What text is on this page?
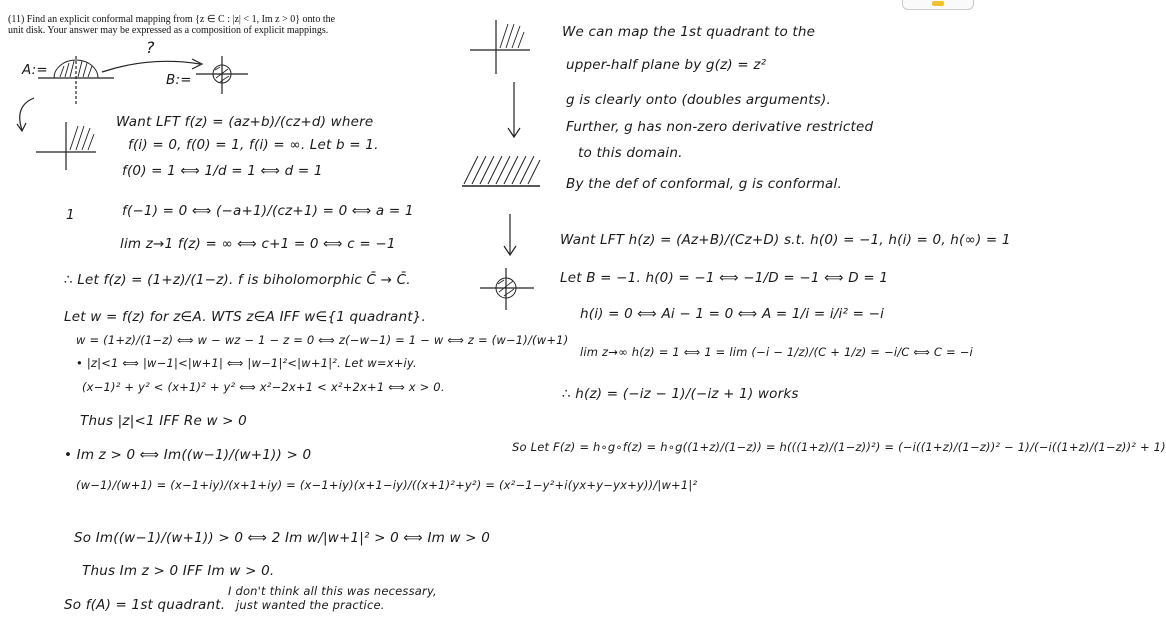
(11) Find an explicit conformal mapping from {z ∈ C : |z| < 1, Im z > 0} onto the unit disk. Your answer may be expressed as a composition of explicit mappings.
A:=
?
B:=
Want LFT f(z) = (az+b)/(cz+d) where
f(i) = 0, f(0) = 1, f(i) = ∞. Let b = 1.
f(0) = 1 ⟺ 1/d = 1 ⟺ d = 1
1	f(−1) = 0 ⟺ (−a+1)/(cz+1) = 0 ⟺ a = 1
lim z→1 f(z) = ∞ ⟺ c+1 = 0 ⟺ c = −1
∴ Let f(z) = (1+z)/(1−z). f is biholomorphic C̄ → C̄.
Let w = f(z) for z∈A. WTS z∈A IFF w∈{1 quadrant}.
w = (1+z)/(1−z) ⟺ w − wz − 1 − z = 0 ⟺ z(−w−1) = 1 − w ⟺ z = (w−1)/(w+1)
• |z|<1 ⟺ |w−1|<|w+1| ⟺ |w−1|²<|w+1|². Let w=x+iy.
(x−1)² + y² < (x+1)² + y² ⟺ x²−2x+1 < x²+2x+1 ⟺ x > 0.
Thus |z|<1 IFF Re w > 0
• Im z > 0 ⟺ Im((w−1)/(w+1)) > 0
(w−1)/(w+1) = (x−1+iy)/(x+1+iy) = (x−1+iy)(x+1−iy)/((x+1)²+y²) = (x²−1−y²+i(yx+y−yx+y))/|w+1|²
So Im((w−1)/(w+1)) > 0 ⟺ 2 Im w/|w+1|² > 0 ⟺ Im w > 0
Thus Im z > 0 IFF Im w > 0.
So f(A) = 1st quadrant.
I don't think all this was necessary,
just wanted the practice.
We can map the 1st quadrant to the
upper-half plane by g(z) = z²
g is clearly onto (doubles arguments).
Further, g has non-zero derivative restricted
to this domain.
By the def of conformal, g is conformal.
Want LFT h(z) = (Az+B)/(Cz+D) s.t. h(0) = −1, h(i) = 0, h(∞) = 1
Let B = −1. h(0) = −1 ⟺ −1/D = −1 ⟺ D = 1
h(i) = 0 ⟺ Ai − 1 = 0 ⟺ A = 1/i = i/i² = −i
lim z→∞ h(z) = 1 ⟺ 1 = lim (−i − 1/z)/(C + 1/z) = −i/C ⟺ C = −i
∴ h(z) = (−iz − 1)/(−iz + 1) works
So Let F(z) = h∘g∘f(z) = h∘g((1+z)/(1−z)) = h(((1+z)/(1−z))²) = (−i((1+z)/(1−z))² − 1)/(−i((1+z)/(1−z))² + 1)
